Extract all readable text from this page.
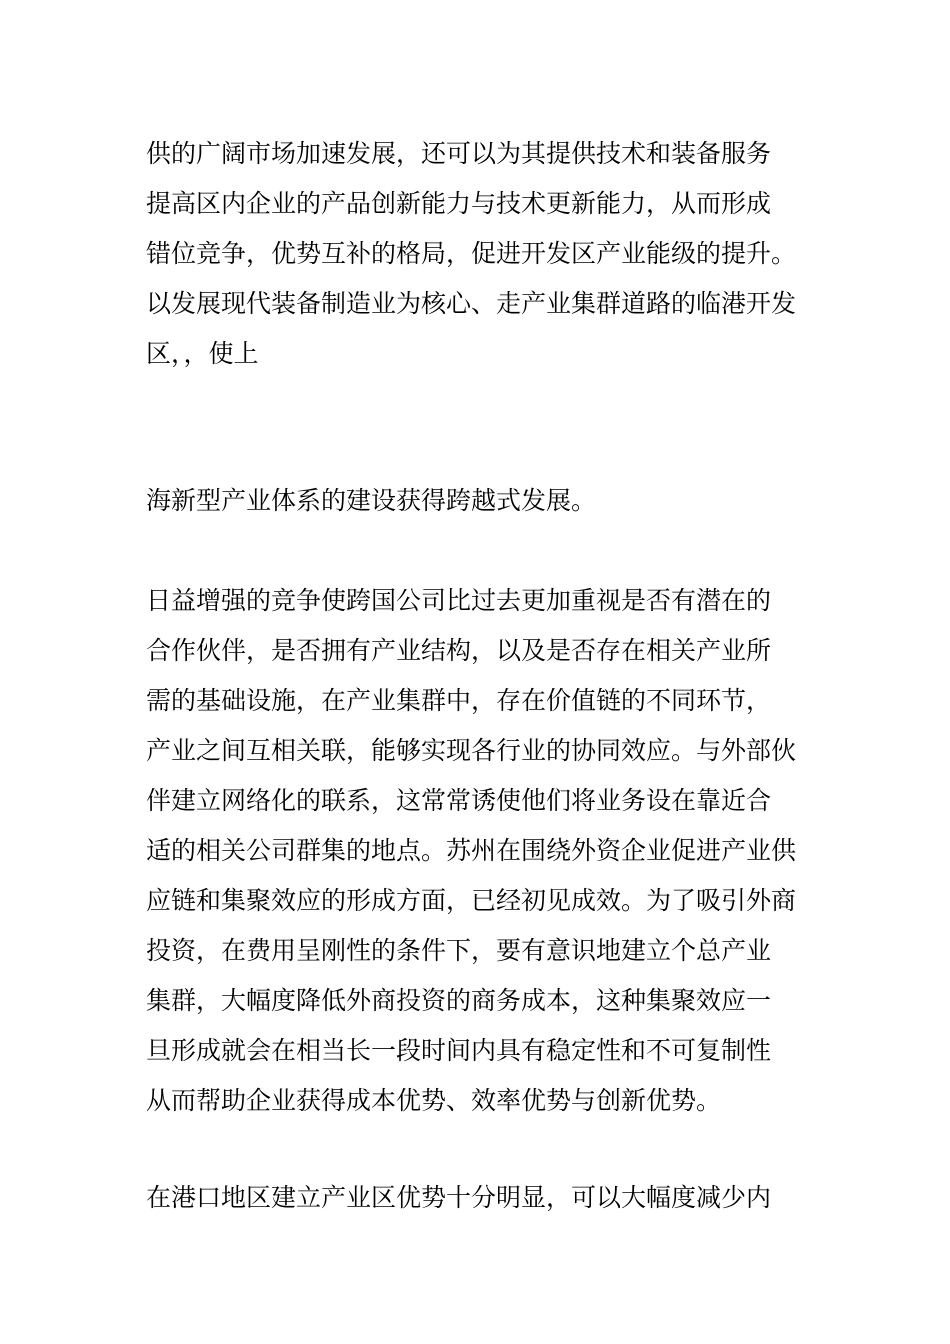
供的广阔市场加速发展，还可以为其提供技术和装备服务
提高区内企业的产品创新能力与技术更新能力，从而形成
错位竞争，优势互补的格局，促进开发区产业能级的提升。
以发展现代装备制造业为核心、走产业集群道路的临港开发
区，，使上
海新型产业体系的建设获得跨越式发展。
日益增强的竞争使跨国公司比过去更加重视是否有潜在的
合作伙伴，是否拥有产业结构，以及是否存在相关产业所
需的基础设施，在产业集群中，存在价值链的不同环节，
产业之间互相关联，能够实现各行业的协同效应。与外部伙
伴建立网络化的联系，这常常诱使他们将业务设在靠近合
适的相关公司群集的地点。苏州在围绕外资企业促进产业供
应链和集聚效应的形成方面，已经初见成效。为了吸引外商
投资，在费用呈刚性的条件下，要有意识地建立个总产业
集群，大幅度降低外商投资的商务成本，这种集聚效应一
旦形成就会在相当长一段时间内具有稳定性和不可复制性
从而帮助企业获得成本优势、效率优势与创新优势。
在港口地区建立产业区优势十分明显，可以大幅度减少内
